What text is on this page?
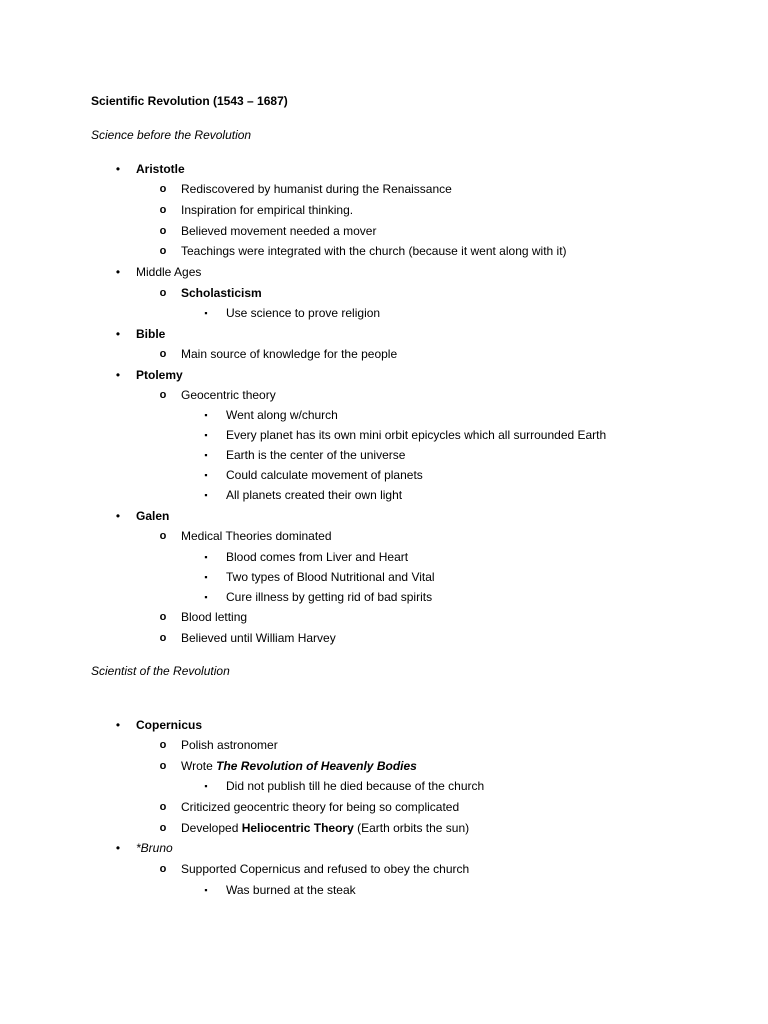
Scientific Revolution (1543 – 1687)
Science before the Revolution
• Aristotle
o Rediscovered by humanist during the Renaissance
o Inspiration for empirical thinking.
o Believed movement needed a mover
o Teachings were integrated with the church (because it went along with it)
• Middle Ages
o Scholasticism
▪ Use science to prove religion
• Bible
o Main source of knowledge for the people
• Ptolemy
o Geocentric theory
▪ Went along w/church
▪ Every planet has its own mini orbit epicycles which all surrounded Earth
▪ Earth is the center of the universe
▪ Could calculate movement of planets
▪ All planets created their own light
• Galen
o Medical Theories dominated
▪ Blood comes from Liver and Heart
▪ Two types of Blood Nutritional and Vital
▪ Cure illness by getting rid of bad spirits
o Blood letting
o Believed until William Harvey
Scientist of the Revolution
• Copernicus
o Polish astronomer
o Wrote The Revolution of Heavenly Bodies
▪ Did not publish till he died because of the church
o Criticized geocentric theory for being so complicated
o Developed Heliocentric Theory (Earth orbits the sun)
• *Bruno
o Supported Copernicus and refused to obey the church
▪ Was burned at the steak
